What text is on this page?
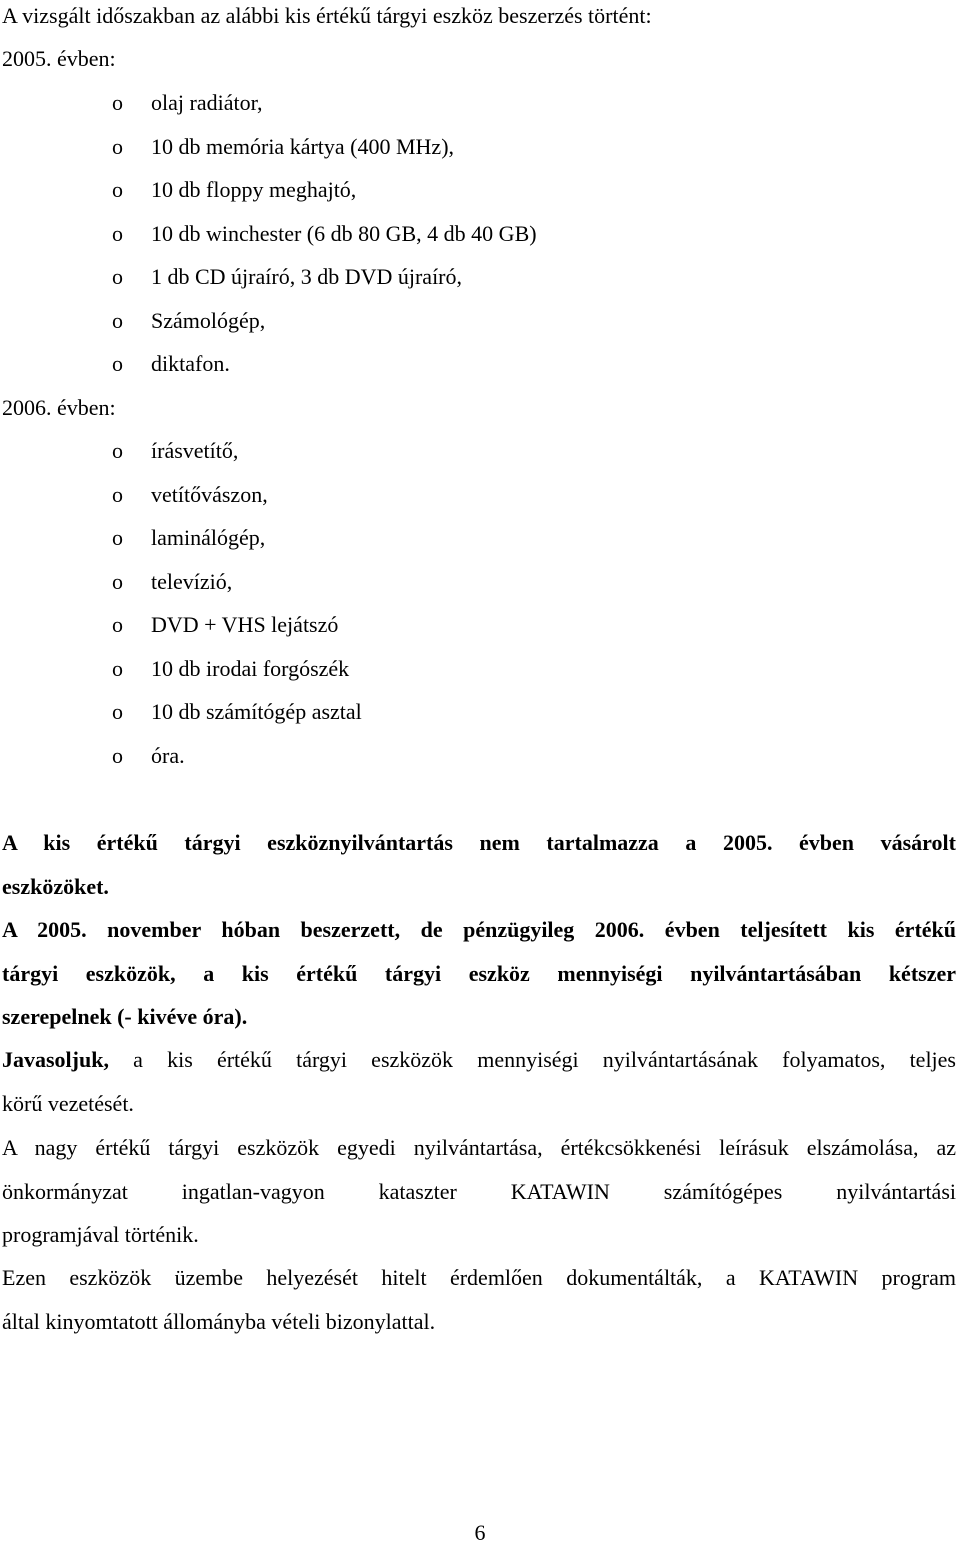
A vizsgált időszakban az alábbi kis értékű tárgyi eszköz beszerzés történt:
2005. évben:
o olaj radiátor,
o 10 db memória kártya (400 MHz),
o 10 db floppy meghajtó,
o 10 db winchester (6 db 80 GB, 4 db 40 GB)
o 1 db CD újraíró, 3 db DVD újraíró,
o Számológép,
o diktafon.
2006. évben:
o írásvetítő,
o vetítővászon,
o laminálógép,
o televízió,
o DVD + VHS lejátszó
o 10 db irodai forgószék
o 10 db számítógép asztal
o óra.
A kis értékű tárgyi eszköznyilvántartás nem tartalmazza a 2005. évben vásárolt
eszközöket.
A 2005. november hóban beszerzett, de pénzügyileg 2006. évben teljesített kis értékű
tárgyi eszközök, a kis értékű tárgyi eszköz mennyiségi nyilvántartásában kétszer
szerepelnek (- kivéve óra).
Javasoljuk, a kis értékű tárgyi eszközök mennyiségi nyilvántartásának folyamatos, teljes
körű vezetését.
A nagy értékű tárgyi eszközök egyedi nyilvántartása, értékcsökkenési leírásuk elszámolása, az
önkormányzat ingatlan-vagyon kataszter KATAWIN számítógépes nyilvántartási
programjával történik.
Ezen eszközök üzembe helyezését hitelt érdemlően dokumentálták, a KATAWIN program
által kinyomtatott állományba vételi bizonylattal.
6
